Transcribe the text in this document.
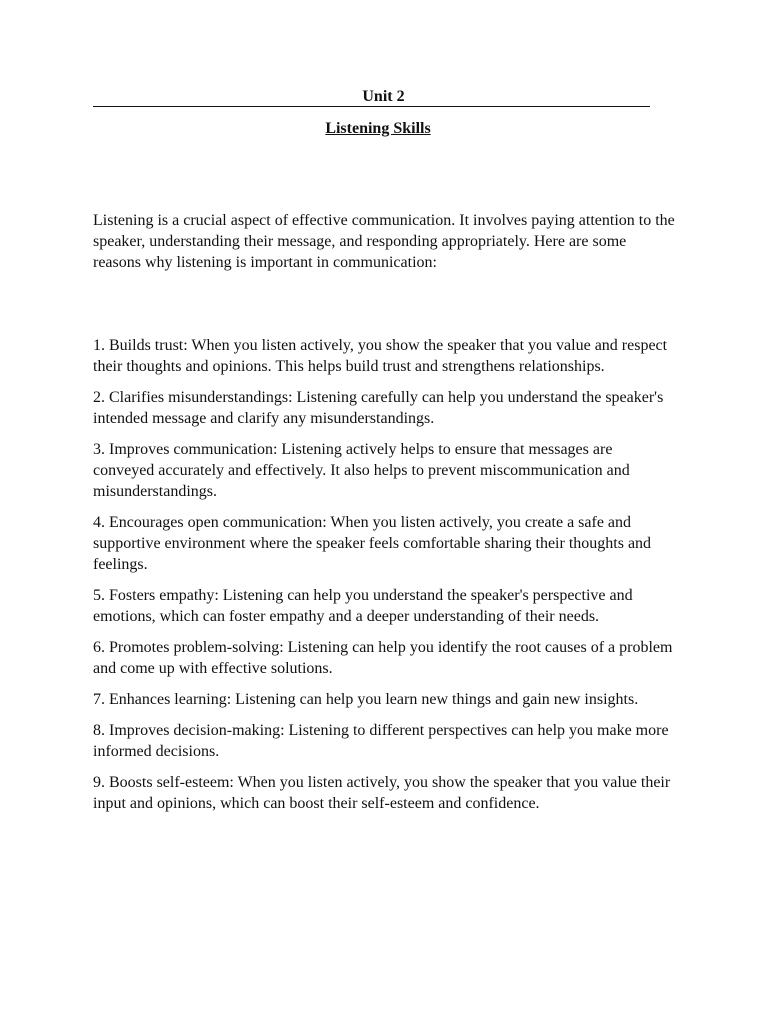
Unit 2
Listening Skills

Listening is a crucial aspect of effective communication. It involves paying attention to the speaker, understanding their message, and responding appropriately. Here are some reasons why listening is important in communication:

1. Builds trust: When you listen actively, you show the speaker that you value and respect their thoughts and opinions. This helps build trust and strengthens relationships.
2. Clarifies misunderstandings: Listening carefully can help you understand the speaker's intended message and clarify any misunderstandings.
3. Improves communication: Listening actively helps to ensure that messages are conveyed accurately and effectively. It also helps to prevent miscommunication and misunderstandings.
4. Encourages open communication: When you listen actively, you create a safe and supportive environment where the speaker feels comfortable sharing their thoughts and feelings.
5. Fosters empathy: Listening can help you understand the speaker's perspective and emotions, which can foster empathy and a deeper understanding of their needs.
6. Promotes problem-solving: Listening can help you identify the root causes of a problem and come up with effective solutions.
7. Enhances learning: Listening can help you learn new things and gain new insights.
8. Improves decision-making: Listening to different perspectives can help you make more informed decisions.
9. Boosts self-esteem: When you listen actively, you show the speaker that you value their input and opinions, which can boost their self-esteem and confidence.
